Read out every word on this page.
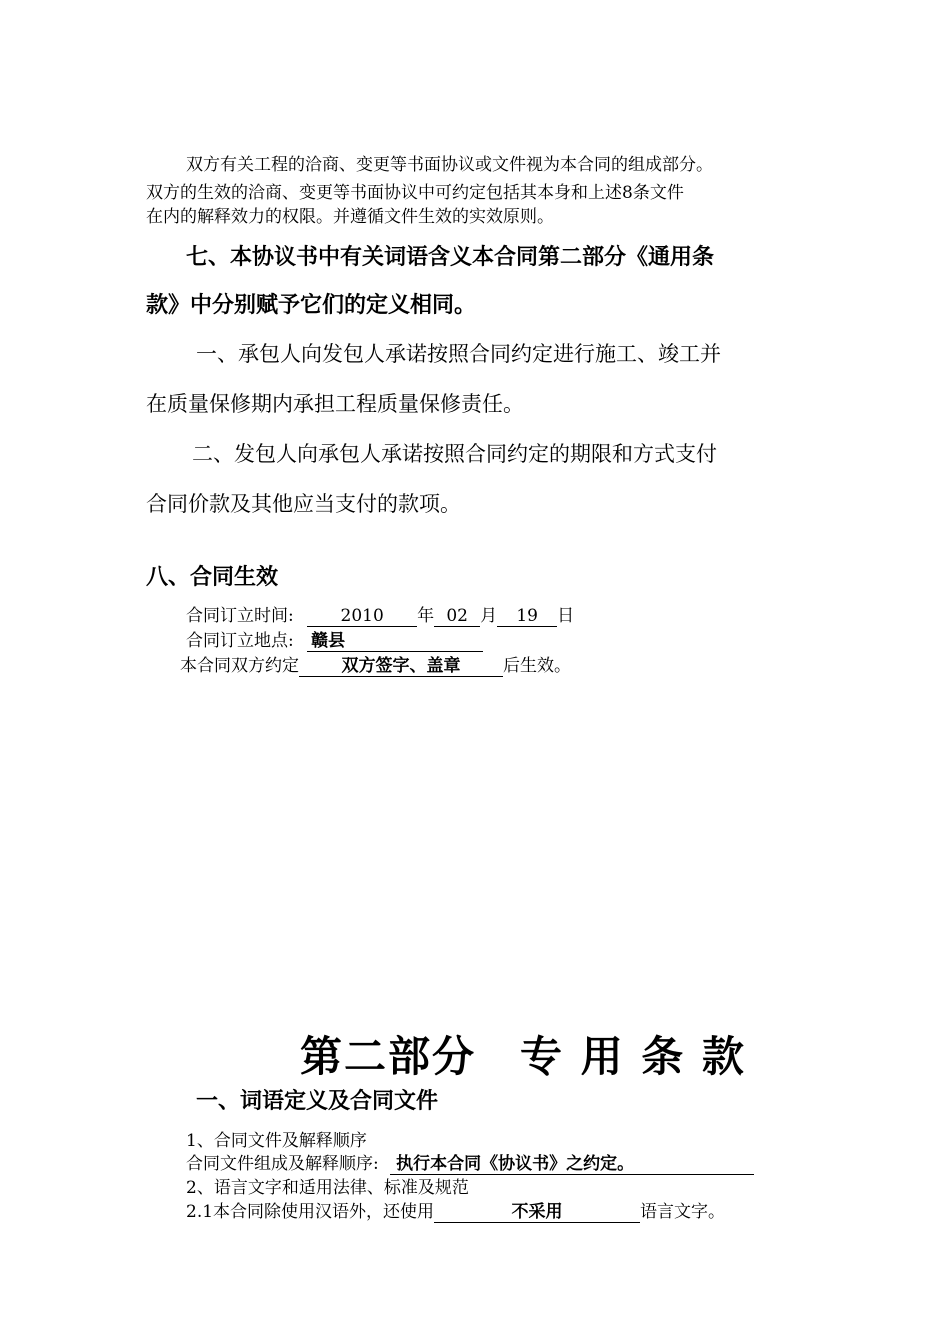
双方有关工程的洽商、变更等书面协议或文件视为本合同的组成部分。
双方的生效的洽商、变更等书面协议中可约定包括其本身和上述8条文件
在内的解释效力的权限。并遵循文件生效的实效原则。
七、本协议书中有关词语含义本合同第二部分《通用条
款》中分别赋予它们的定义相同。
一、承包人向发包人承诺按照合同约定进行施工、竣工并
在质量保修期内承担工程质量保修责任。
二、发包人向承包人承诺按照合同约定的期限和方式支付
合同价款及其他应当支付的款项。
八、合同生效
合同订立时间:	2010 年 02 月 19 日
合同订立地点: 赣县
本合同双方约定	双方签字、盖章	后生效。
第二部分　专 用 条 款
一、词语定义及合同文件
1、合同文件及解释顺序
合同文件组成及解释顺序: 执行本合同《协议书》之约定。
2、语言文字和适用法律、标准及规范
2.1本合同除使用汉语外，还使用	不采用	语言文字。
